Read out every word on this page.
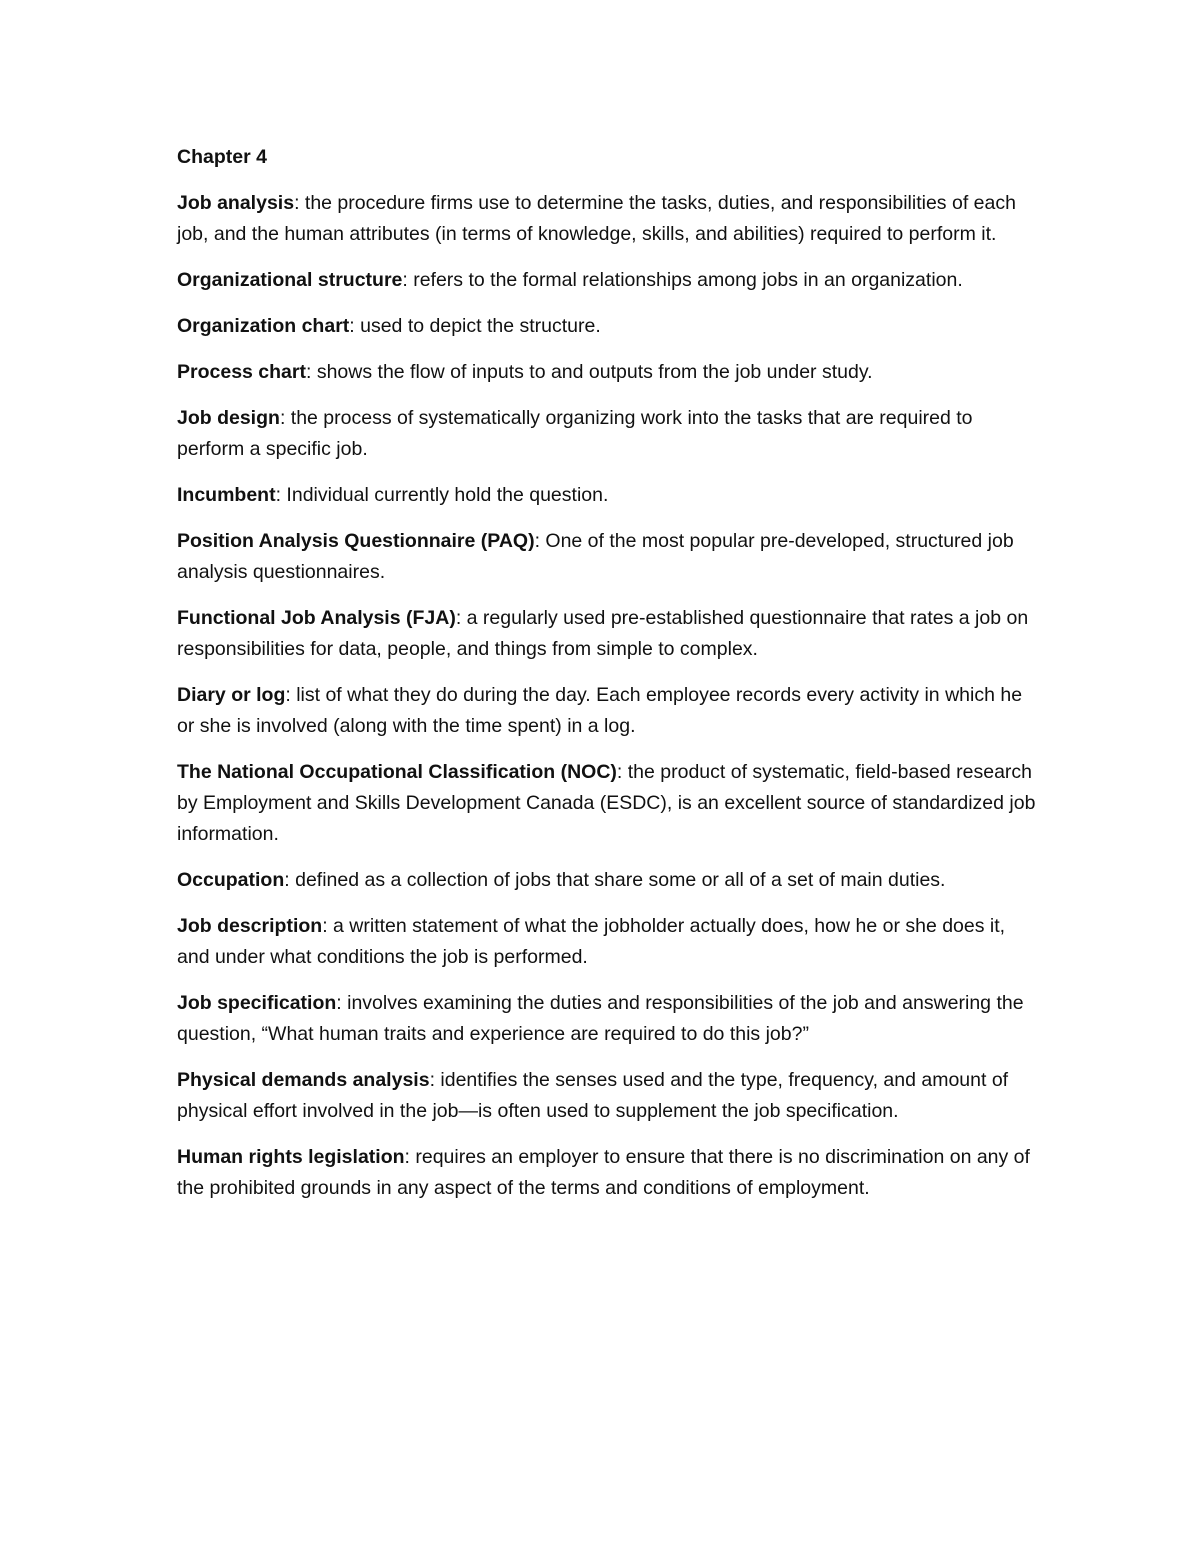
Chapter 4

Job analysis: the procedure firms use to determine the tasks, duties, and responsibilities of each job, and the human attributes (in terms of knowledge, skills, and abilities) required to perform it.

Organizational structure: refers to the formal relationships among jobs in an organization.

Organization chart: used to depict the structure.

Process chart: shows the flow of inputs to and outputs from the job under study.

Job design: the process of systematically organizing work into the tasks that are required to perform a specific job.

Incumbent: Individual currently hold the question.

Position Analysis Questionnaire (PAQ): One of the most popular pre-developed, structured job analysis questionnaires.

Functional Job Analysis (FJA): a regularly used pre-established questionnaire that rates a job on responsibilities for data, people, and things from simple to complex.

Diary or log: list of what they do during the day. Each employee records every activity in which he or she is involved (along with the time spent) in a log.

The National Occupational Classification (NOC): the product of systematic, field-based research by Employment and Skills Development Canada (ESDC), is an excellent source of standardized job information.

Occupation: defined as a collection of jobs that share some or all of a set of main duties.

Job description: a written statement of what the jobholder actually does, how he or she does it, and under what conditions the job is performed.

Job specification: involves examining the duties and responsibilities of the job and answering the question, “What human traits and experience are required to do this job?”

Physical demands analysis: identifies the senses used and the type, frequency, and amount of physical effort involved in the job—is often used to supplement the job specification.

Human rights legislation: requires an employer to ensure that there is no discrimination on any of the prohibited grounds in any aspect of the terms and conditions of employment.
